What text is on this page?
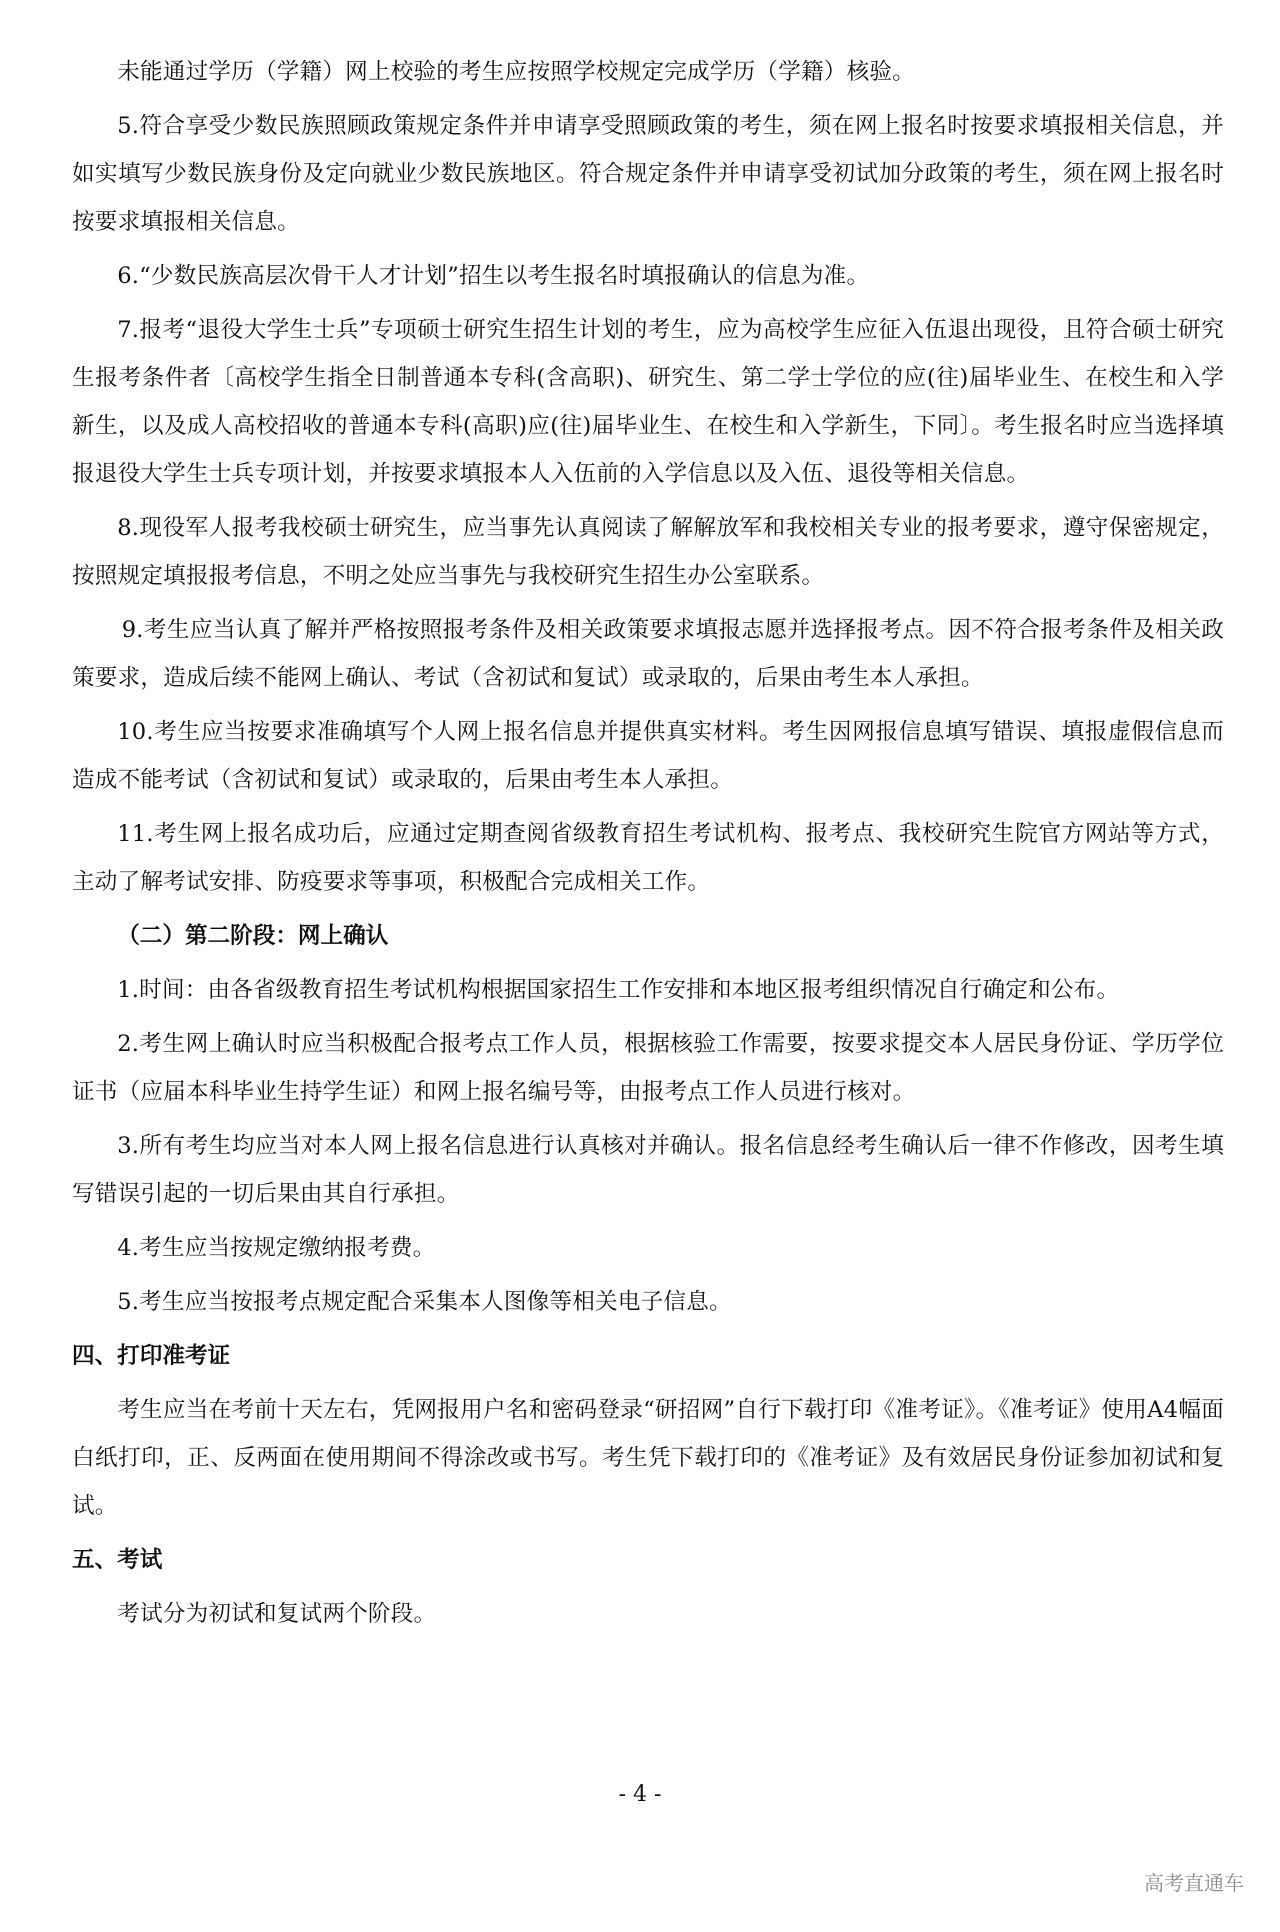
未能通过学历（学籍）网上校验的考生应按照学校规定完成学历（学籍）核验。

5.符合享受少数民族照顾政策规定条件并申请享受照顾政策的考生，须在网上报名时按要求填报相关信息，并如实填写少数民族身份及定向就业少数民族地区。符合规定条件并申请享受初试加分政策的考生，须在网上报名时按要求填报相关信息。

6.“少数民族高层次骨干人才计划”招生以考生报名时填报确认的信息为准。

7.报考“退役大学生士兵”专项硕士研究生招生计划的考生，应为高校学生应征入伍退出现役，且符合硕士研究生报考条件者〔高校学生指全日制普通本专科(含高职)、研究生、第二学士学位的应(往)届毕业生、在校生和入学新生，以及成人高校招收的普通本专科(高职)应(往)届毕业生、在校生和入学新生，下同〕。考生报名时应当选择填报退役大学生士兵专项计划，并按要求填报本人入伍前的入学信息以及入伍、退役等相关信息。

8.现役军人报考我校硕士研究生，应当事先认真阅读了解解放军和我校相关专业的报考要求，遵守保密规定，按照规定填报报考信息，不明之处应当事先与我校研究生招生办公室联系。

9.考生应当认真了解并严格按照报考条件及相关政策要求填报志愿并选择报考点。因不符合报考条件及相关政策要求，造成后续不能网上确认、考试（含初试和复试）或录取的，后果由考生本人承担。

10.考生应当按要求准确填写个人网上报名信息并提供真实材料。考生因网报信息填写错误、填报虚假信息而造成不能考试（含初试和复试）或录取的，后果由考生本人承担。

11.考生网上报名成功后，应通过定期查阅省级教育招生考试机构、报考点、我校研究生院官方网站等方式，主动了解考试安排、防疫要求等事项，积极配合完成相关工作。

（二）第二阶段：网上确认

1.时间：由各省级教育招生考试机构根据国家招生工作安排和本地区报考组织情况自行确定和公布。

2.考生网上确认时应当积极配合报考点工作人员，根据核验工作需要，按要求提交本人居民身份证、学历学位证书（应届本科毕业生持学生证）和网上报名编号等，由报考点工作人员进行核对。

3.所有考生均应当对本人网上报名信息进行认真核对并确认。报名信息经考生确认后一律不作修改，因考生填写错误引起的一切后果由其自行承担。

4.考生应当按规定缴纳报考费。

5.考生应当按报考点规定配合采集本人图像等相关电子信息。

四、打印准考证

考生应当在考前十天左右，凭网报用户名和密码登录“研招网”自行下载打印《准考证》。《准考证》使用A4幅面白纸打印，正、反两面在使用期间不得涂改或书写。考生凭下载打印的《准考证》及有效居民身份证参加初试和复试。

五、考试

考试分为初试和复试两个阶段。

- 4 -
高考直通车
